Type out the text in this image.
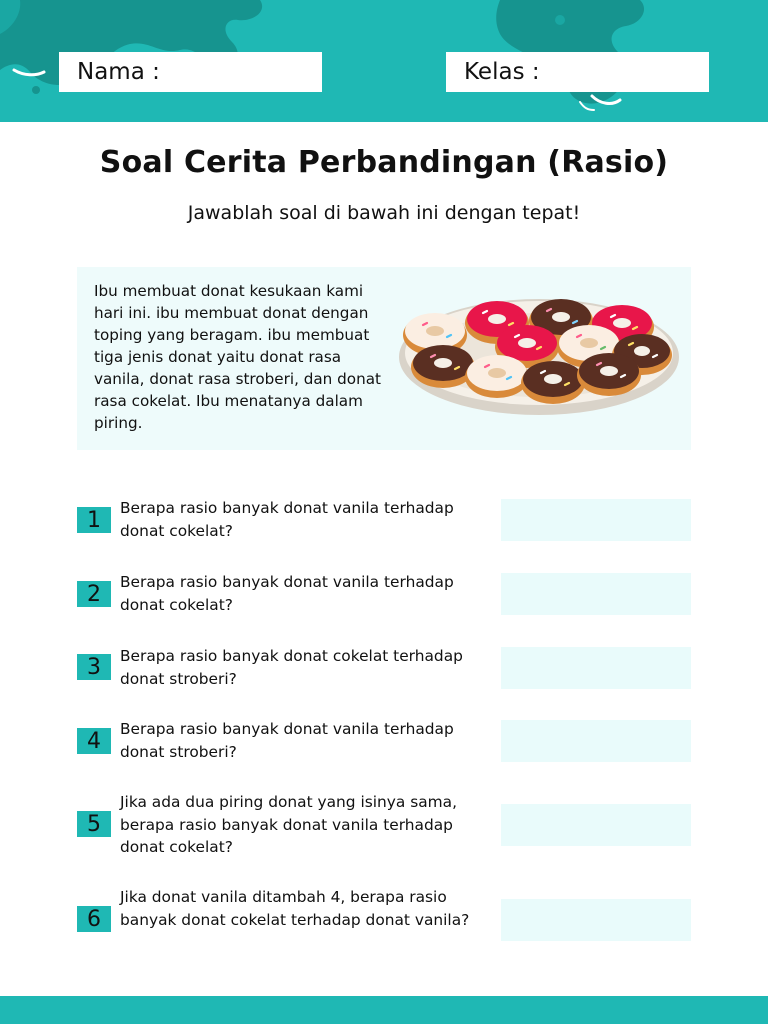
Nama :	Kelas :
Soal Cerita Perbandingan (Rasio)
Jawablah soal di bawah ini dengan tepat!
Ibu membuat donat kesukaan kami hari ini. ibu membuat donat dengan toping yang beragam. ibu membuat tiga jenis donat yaitu donat rasa vanila, donat rasa stroberi, dan donat rasa cokelat. Ibu menatanya dalam piring.
1	Berapa rasio banyak donat vanila terhadap donat cokelat?
2	Berapa rasio banyak donat vanila terhadap donat cokelat?
3	Berapa rasio banyak donat cokelat terhadap donat stroberi?
4	Berapa rasio banyak donat vanila terhadap donat stroberi?
5
Jika ada dua piring donat yang isinya sama, berapa rasio banyak donat vanila terhadap donat cokelat?
6
Jika donat vanila ditambah 4, berapa rasio banyak donat cokelat terhadap donat vanila?
